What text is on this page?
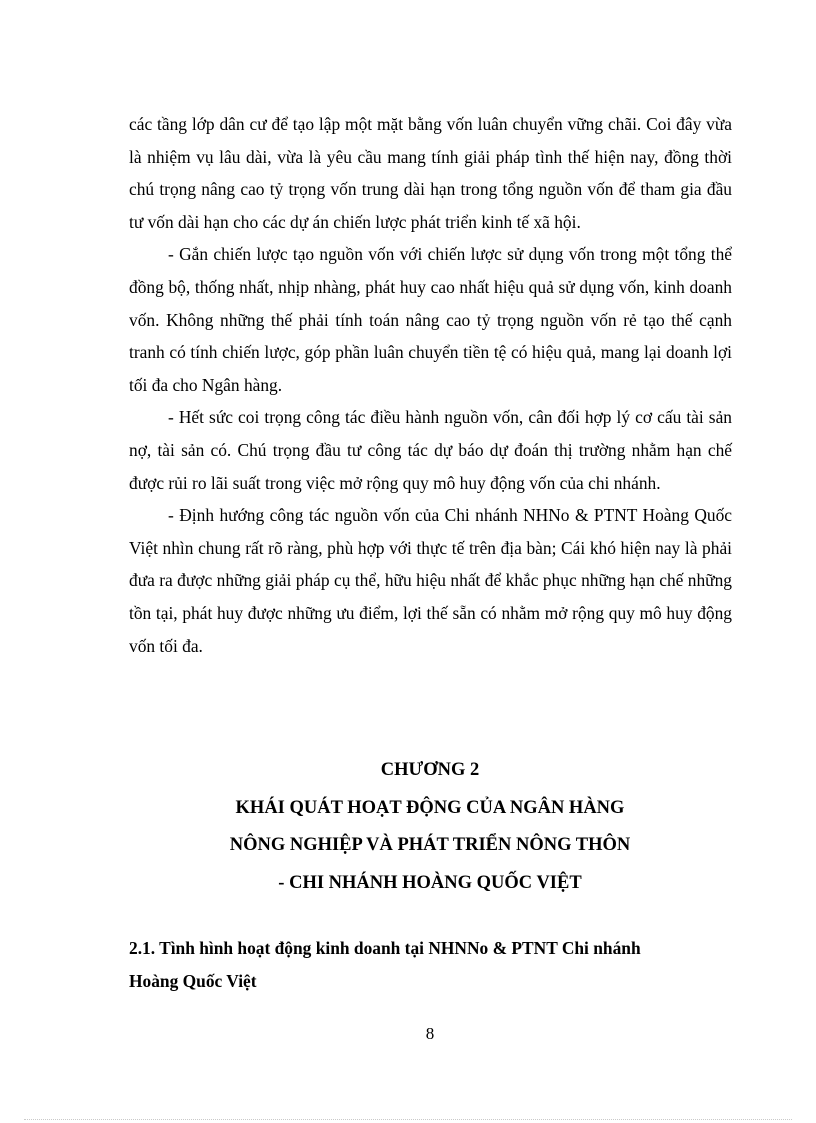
các tầng lớp dân cư để tạo lập một mặt bằng vốn luân chuyển vững chãi. Coi đây vừa là nhiệm vụ lâu dài, vừa là yêu cầu mang tính giải pháp tình thế hiện nay, đồng thời chú trọng nâng cao tỷ trọng vốn trung dài hạn trong tổng nguồn vốn để tham gia đầu tư vốn dài hạn cho các dự án chiến lược phát triển kinh tế xã hội.

- Gắn chiến lược tạo nguồn vốn với chiến lược sử dụng vốn trong một tổng thể đồng bộ, thống nhất, nhịp nhàng, phát huy cao nhất hiệu quả sử dụng vốn, kinh doanh vốn. Không những thế phải tính toán nâng cao tỷ trọng nguồn vốn rẻ tạo thế cạnh tranh có tính chiến lược, góp phần luân chuyển tiền tệ có hiệu quả, mang lại doanh lợi tối đa cho Ngân hàng.

- Hết sức coi trọng công tác điều hành nguồn vốn, cân đối hợp lý cơ cấu tài sản nợ, tài sản có. Chú trọng đầu tư công tác dự báo dự đoán thị trường nhằm hạn chế được rủi ro lãi suất trong việc mở rộng quy mô huy động vốn của chi nhánh.

- Định hướng công tác nguồn vốn của Chi nhánh NHNo & PTNT Hoàng Quốc Việt nhìn chung rất rõ ràng, phù hợp với thực tế trên địa bàn; Cái khó hiện nay là phải đưa ra được những giải pháp cụ thể, hữu hiệu nhất để khắc phục những hạn chế những tồn tại, phát huy được những ưu điểm, lợi thế sẵn có nhằm mở rộng quy mô huy động vốn tối đa.

CHƯƠNG 2
KHÁI QUÁT HOẠT ĐỘNG CỦA NGÂN HÀNG
NÔNG NGHIỆP VÀ PHÁT TRIỂN NÔNG THÔN
- CHI NHÁNH HOÀNG QUỐC VIỆT
2.1. Tình hình hoạt động kinh doanh tại NHNNo & PTNT Chi nhánh
Hoàng Quốc Việt
8
